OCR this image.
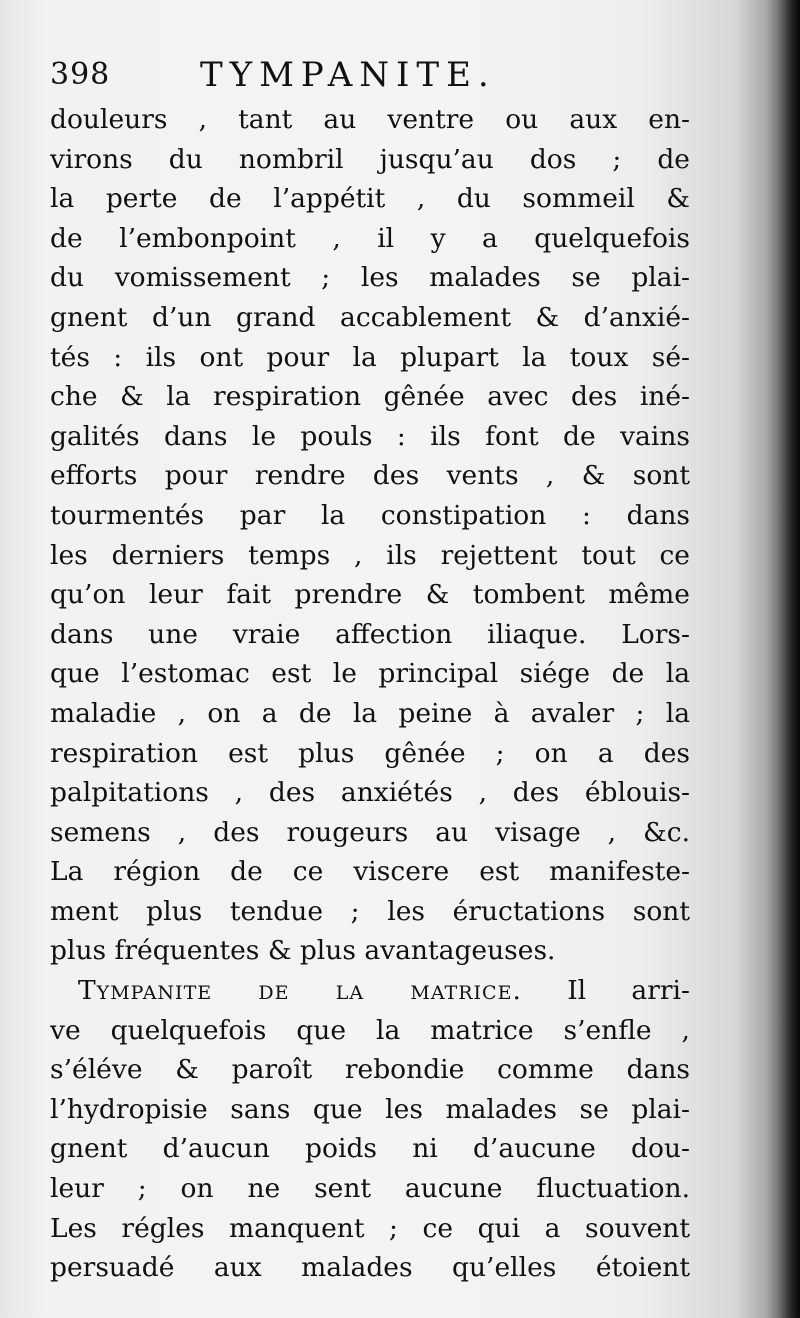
398	TYMPANITE.
douleurs , tant au ventre ou aux en-
virons du nombril jusqu’au dos ; de
la perte de l’appétit , du sommeil &
de l’embonpoint , il y a quelquefois
du vomissement ; les malades se plai-
gnent d’un grand accablement & d’anxié-
tés : ils ont pour la plupart la toux sé-
che & la respiration gênée avec des iné-
galités dans le pouls : ils font de vains
efforts pour rendre des vents , & sont
tourmentés par la constipation : dans
les derniers temps , ils rejettent tout ce
qu’on leur fait prendre & tombent même
dans une vraie affection iliaque. Lors-
que l’estomac est le principal siége de la
maladie , on a de la peine à avaler ; la
respiration est plus gênée ; on a des
palpitations , des anxiétés , des éblouis-
semens , des rougeurs au visage , &c.
La région de ce viscere est manifeste-
ment plus tendue ; les éructations sont
plus fréquentes & plus avantageuses.
Tympanite de la matrice. Il arri-
ve quelquefois que la matrice s’enfle ,
s’éléve & paroît rebondie comme dans
l’hydropisie sans que les malades se plai-
gnent d’aucun poids ni d’aucune dou-
leur ; on ne sent aucune fluctuation.
Les régles manquent ; ce qui a souvent
persuadé aux malades qu’elles étoient
